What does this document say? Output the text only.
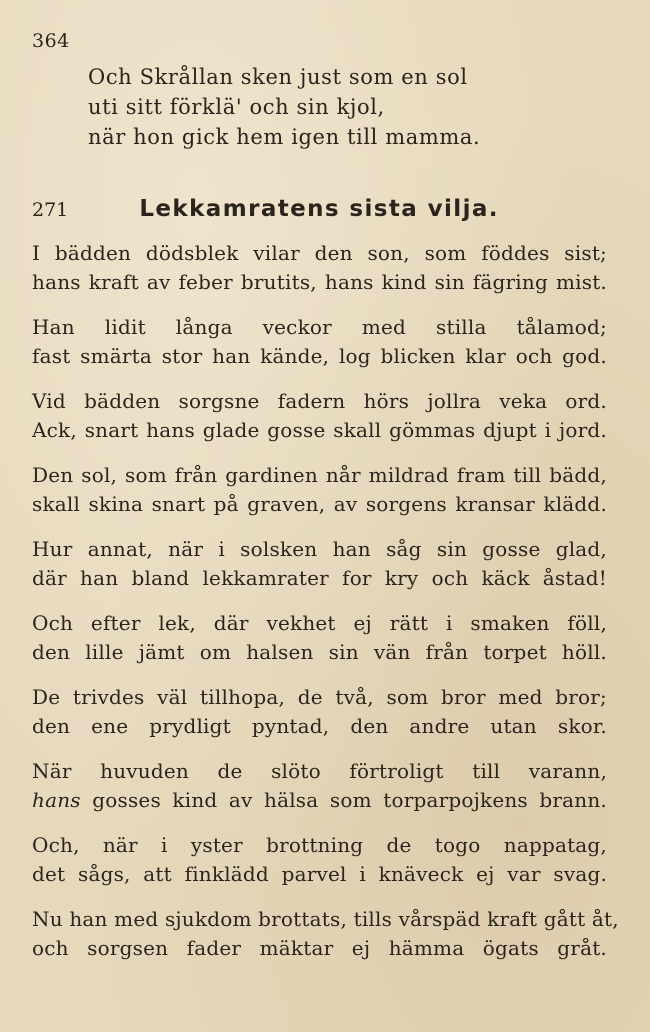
364
Och Skrållan sken just som en sol
uti sitt förklä' och sin kjol,
när hon gick hem igen till mamma.
271	Lekkamratens sista vilja.
I bädden dödsblek vilar den son, som föddes sist;
hans kraft av feber brutits, hans kind sin fägring mist.
Han lidit långa veckor med stilla tålamod;
fast smärta stor han kände, log blicken klar och god.
Vid bädden sorgsne fadern hörs jollra veka ord.
Ack, snart hans glade gosse skall gömmas djupt i jord.
Den sol, som från gardinen når mildrad fram till bädd,
skall skina snart på graven, av sorgens kransar klädd.
Hur annat, när i solsken han såg sin gosse glad,
där han bland lekkamrater for kry och käck åstad!
Och efter lek, där vekhet ej rätt i smaken föll,
den lille jämt om halsen sin vän från torpet höll.
De trivdes väl tillhopa, de två, som bror med bror;
den ene prydligt pyntad, den andre utan skor.
När huvuden de slöto förtroligt till varann,
hans gosses kind av hälsa som torparpojkens brann.
Och, när i yster brottning de togo nappatag,
det sågs, att finklädd parvel i knäveck ej var svag.
Nu han med sjukdom brottats, tills vårspäd kraft gått åt,
och sorgsen fader mäktar ej hämma ögats gråt.
